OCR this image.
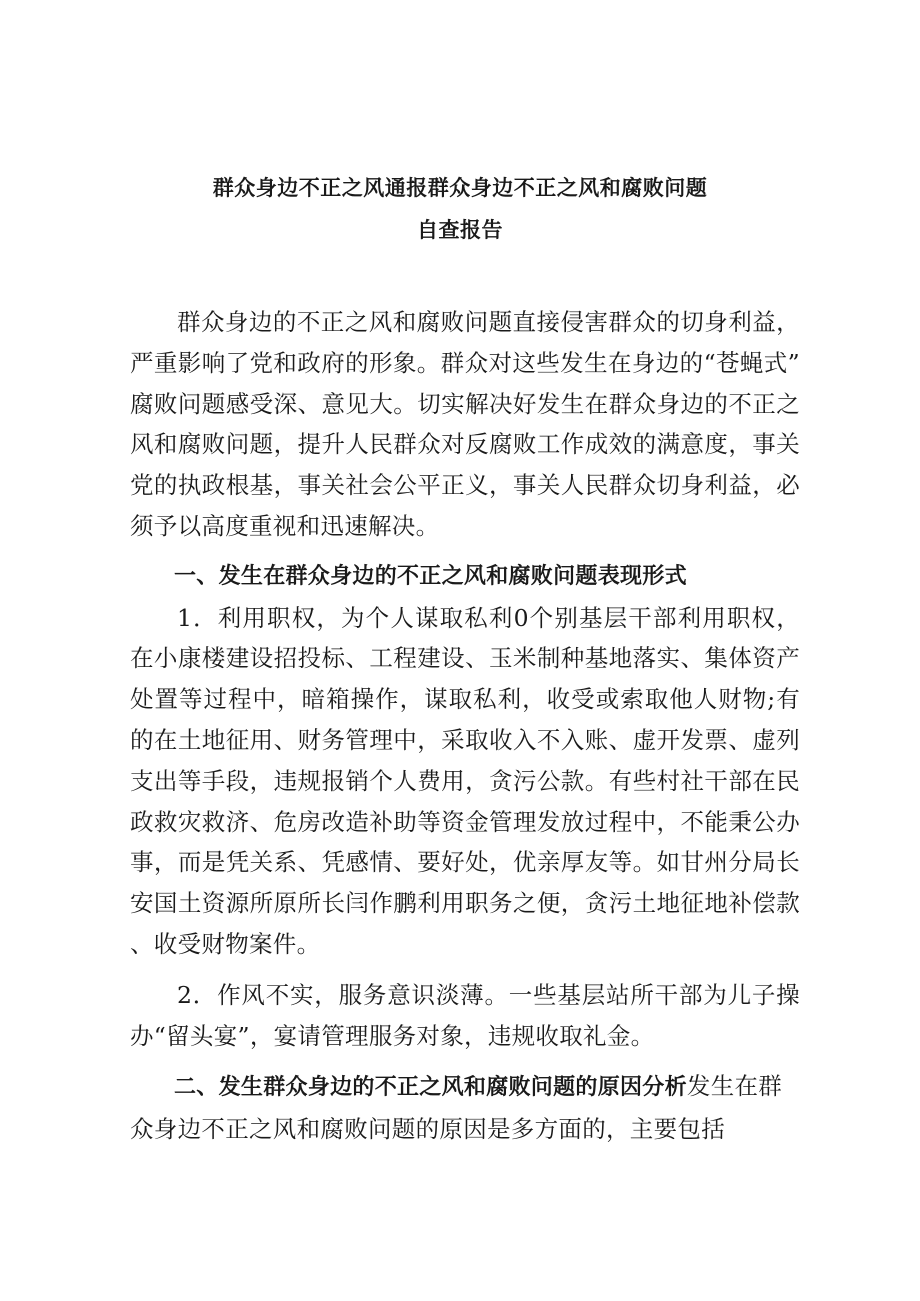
群众身边不正之风通报群众身边不正之风和腐败问题
自查报告

群众身边的不正之风和腐败问题直接侵害群众的切身利益，严重影响了党和政府的形象。群众对这些发生在身边的“苍蝇式”腐败问题感受深、意见大。切实解决好发生在群众身边的不正之风和腐败问题，提升人民群众对反腐败工作成效的满意度，事关党的执政根基，事关社会公平正义，事关人民群众切身利益，必须予以高度重视和迅速解决。

一、发生在群众身边的不正之风和腐败问题表现形式

1．利用职权，为个人谋取私利0个别基层干部利用职权，在小康楼建设招投标、工程建设、玉米制种基地落实、集体资产处置等过程中，暗箱操作，谋取私利，收受或索取他人财物;有的在土地征用、财务管理中，采取收入不入账、虚开发票、虚列支出等手段，违规报销个人费用，贪污公款。有些村社干部在民政救灾救济、危房改造补助等资金管理发放过程中，不能秉公办事，而是凭关系、凭感情、要好处，优亲厚友等。如甘州分局长安国土资源所原所长闫作鹏利用职务之便，贪污土地征地补偿款、收受财物案件。

2．作风不实，服务意识淡薄。一些基层站所干部为儿子操办“留头宴”，宴请管理服务对象，违规收取礼金。

二、发生群众身边的不正之风和腐败问题的原因分析发生在群众身边不正之风和腐败问题的原因是多方面的，主要包括
